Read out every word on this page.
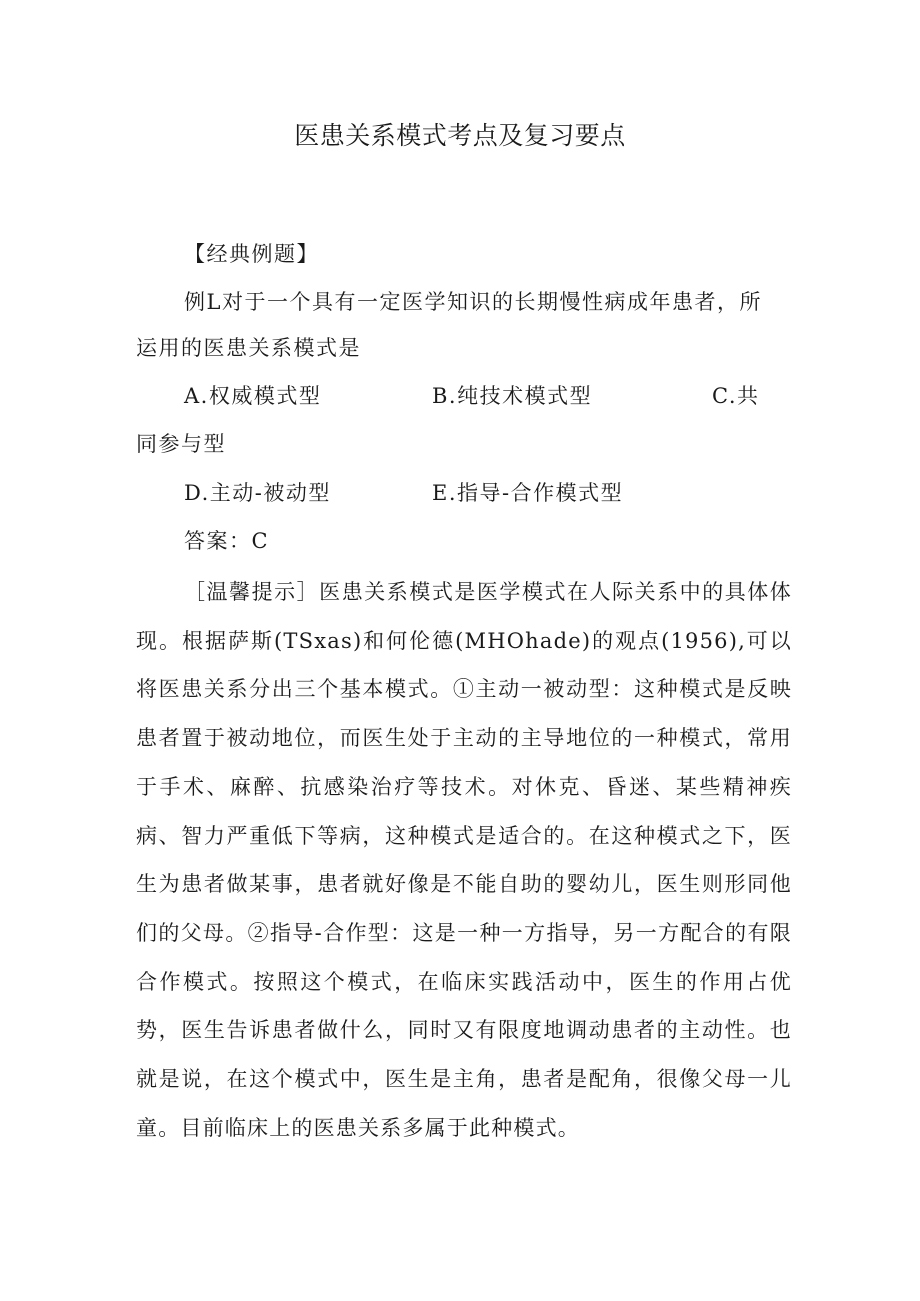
医患关系模式考点及复习要点
【经典例题】
例L对于一个具有一定医学知识的长期慢性病成年患者，所
运用的医患关系模式是
A.权威模式型	B.纯技术模式型	C.共
同参与型
D.主动-被动型	E.指导-合作模式型
答案：C
［温馨提示］医患关系模式是医学模式在人际关系中的具体体现。根据萨斯(TSxas)和何伦德(MHOhade)的观点(1956),可以将医患关系分出三个基本模式。①主动一被动型：这种模式是反映患者置于被动地位，而医生处于主动的主导地位的一种模式，常用于手术、麻醉、抗感染治疗等技术。对休克、昏迷、某些精神疾病、智力严重低下等病，这种模式是适合的。在这种模式之下，医生为患者做某事，患者就好像是不能自助的婴幼儿，医生则形同他们的父母。②指导-合作型：这是一种一方指导，另一方配合的有限合作模式。按照这个模式，在临床实践活动中，医生的作用占优势，医生告诉患者做什么，同时又有限度地调动患者的主动性。也就是说，在这个模式中，医生是主角，患者是配角，很像父母一儿童。目前临床上的医患关系多属于此种模式。
